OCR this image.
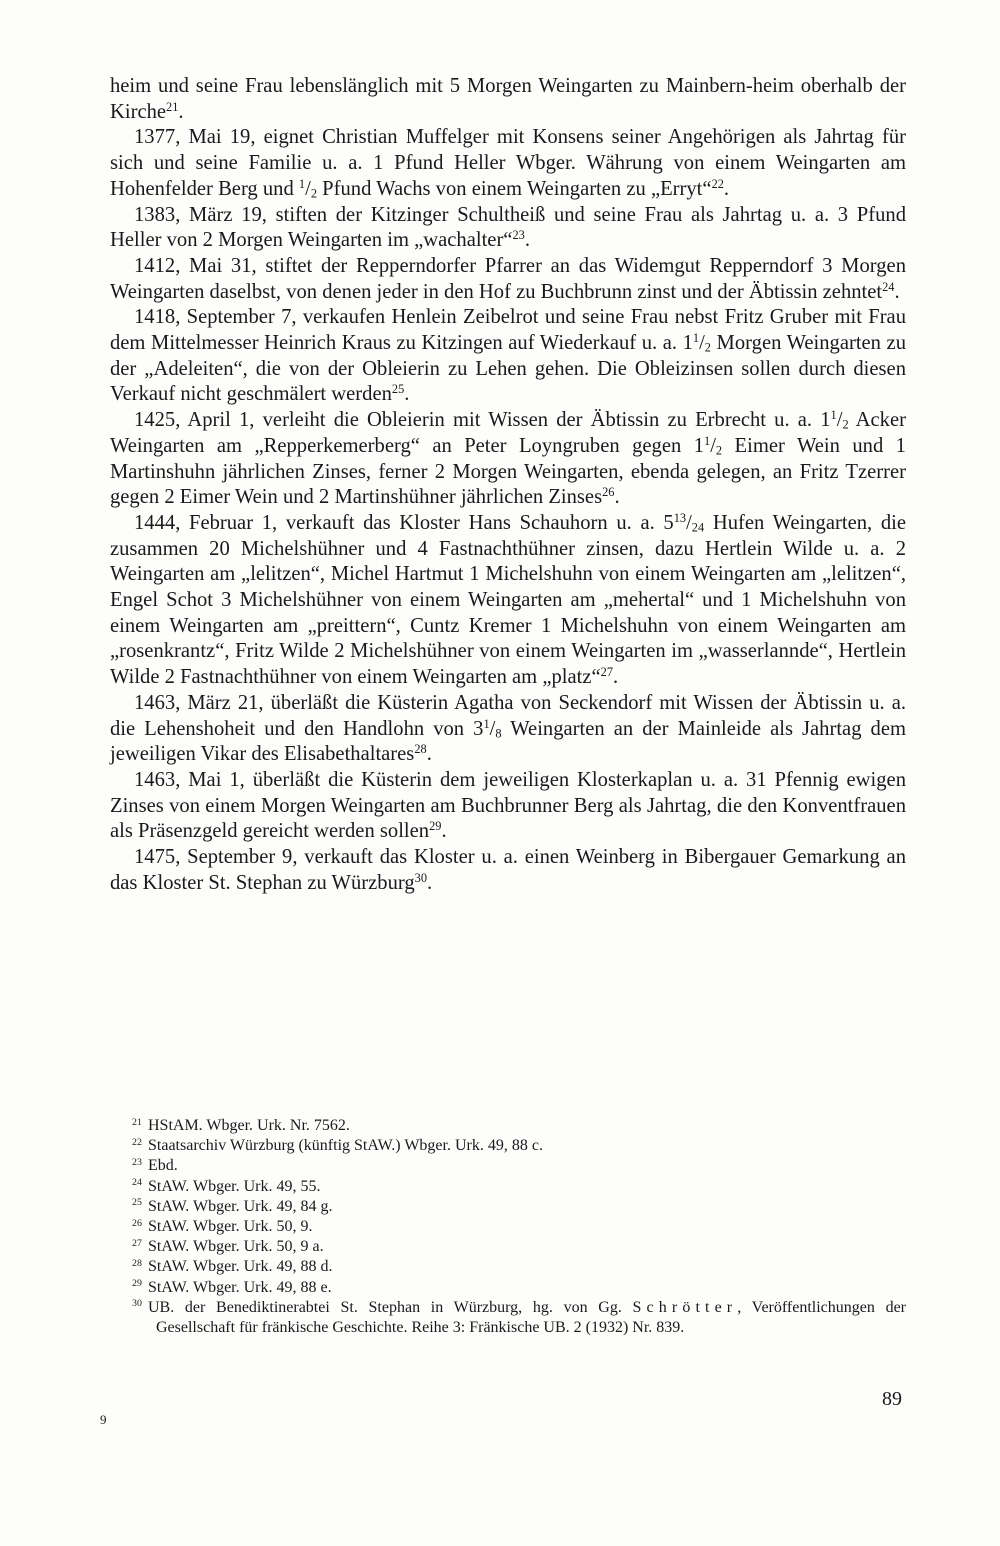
heim und seine Frau lebenslänglich mit 5 Morgen Weingarten zu Mainbern-heim oberhalb der Kirche$^{21}$.

1377, Mai 19, eignet Christian Muffelger mit Konsens seiner Angehörigen als Jahrtag für sich und seine Familie u. a. 1 Pfund Heller Wbger. Währung von einem Weingarten am Hohenfelder Berg und $^1/_2$ Pfund Wachs von einem Weingarten zu „Erryt“$^{22}$.

1383, März 19, stiften der Kitzinger Schultheiß und seine Frau als Jahrtag u. a. 3 Pfund Heller von 2 Morgen Weingarten im „wachalter“$^{23}$.

1412, Mai 31, stiftet der Repperndorfer Pfarrer an das Widemgut Repperndorf 3 Morgen Weingarten daselbst, von denen jeder in den Hof zu Buchbrunn zinst und der Äbtissin zehntet$^{24}$.

1418, September 7, verkaufen Henlein Zeibelrot und seine Frau nebst Fritz Gruber mit Frau dem Mittelmesser Heinrich Kraus zu Kitzingen auf Wiederkauf u. a. $1^1/_2$ Morgen Weingarten zu der „Adeleiten“, die von der Obleierin zu Lehen gehen. Die Obleizinsen sollen durch diesen Verkauf nicht geschmälert werden$^{25}$.

1425, April 1, verleiht die Obleierin mit Wissen der Äbtissin zu Erbrecht u. a. $1^1/_2$ Acker Weingarten am „Repperkemerberg“ an Peter Loyngruben gegen $1^1/_2$ Eimer Wein und 1 Martinshuhn jährlichen Zinses, ferner 2 Morgen Weingarten, ebenda gelegen, an Fritz Tzerrer gegen 2 Eimer Wein und 2 Martinshühner jährlichen Zinses$^{26}$.

1444, Februar 1, verkauft das Kloster Hans Schauhorn u. a. $5^{13}/_{24}$ Hufen Weingarten, die zusammen 20 Michelshühner und 4 Fastnachthühner zinsen, dazu Hertlein Wilde u. a. 2 Weingarten am „lelitzen“, Michel Hartmut 1 Michelshuhn von einem Weingarten am „lelitzen“, Engel Schot 3 Michelshühner von einem Weingarten am „mehertal“ und 1 Michelshuhn von einem Weingarten am „preittern“, Cuntz Kremer 1 Michelshuhn von einem Weingarten am „rosenkrantz“, Fritz Wilde 2 Michelshühner von einem Weingarten im „wasserlannde“, Hertlein Wilde 2 Fastnachthühner von einem Weingarten am „platz“$^{27}$.

1463, März 21, überläßt die Küsterin Agatha von Seckendorf mit Wissen der Äbtissin u. a. die Lehenshoheit und den Handlohn von $3^1/_8$ Weingarten an der Mainleide als Jahrtag dem jeweiligen Vikar des Elisabethaltares$^{28}$.

1463, Mai 1, überläßt die Küsterin dem jeweiligen Klosterkaplan u. a. 31 Pfennig ewigen Zinses von einem Morgen Weingarten am Buchbrunner Berg als Jahrtag, die den Konventfrauen als Präsenzgeld gereicht werden sollen$^{29}$.

1475, September 9, verkauft das Kloster u. a. einen Weinberg in Bibergauer Gemarkung an das Kloster St. Stephan zu Würzburg$^{30}$.

21 HStAM. Wbger. Urk. Nr. 7562.

22 Staatsarchiv Würzburg (künftig StAW.) Wbger. Urk. 49, 88 c.

23 Ebd.

24 StAW. Wbger. Urk. 49, 55.

25 StAW. Wbger. Urk. 49, 84 g.

26 StAW. Wbger. Urk. 50, 9.

27 StAW. Wbger. Urk. 50, 9 a.

28 StAW. Wbger. Urk. 49, 88 d.

29 StAW. Wbger. Urk. 49, 88 e.

30 UB. der Benediktinerabtei St. Stephan in Würzburg, hg. von Gg. Schrötter, Veröffentlichungen der Gesellschaft für fränkische Geschichte. Reihe 3: Fränkische UB. 2 (1932) Nr. 839.

89
9
